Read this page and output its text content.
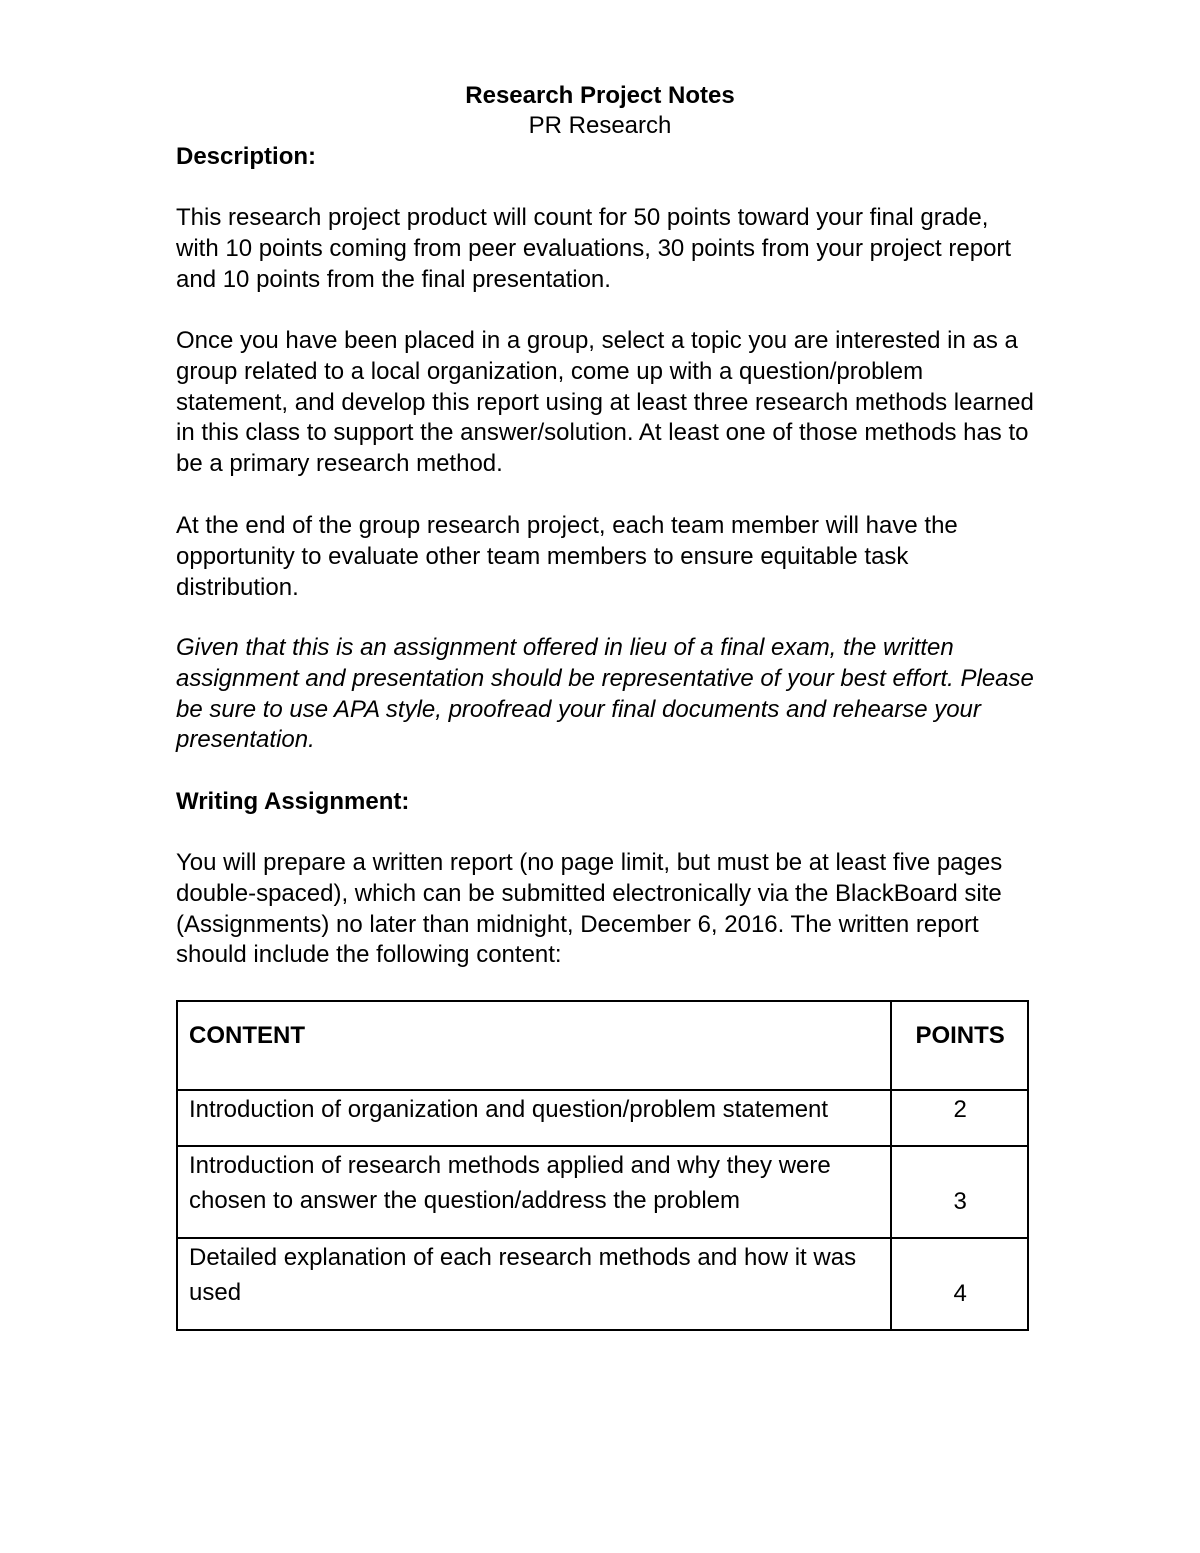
Research Project Notes
PR Research
Description:

This research project product will count for 50 points toward your final grade, with 10 points coming from peer evaluations, 30 points from your project report and 10 points from the final presentation.

Once you have been placed in a group, select a topic you are interested in as a group related to a local organization, come up with a question/problem statement, and develop this report using at least three research methods learned in this class to support the answer/solution. At least one of those methods has to be a primary research method.

At the end of the group research project, each team member will have the opportunity to evaluate other team members to ensure equitable task distribution.

Given that this is an assignment offered in lieu of a final exam, the written assignment and presentation should be representative of your best effort. Please be sure to use APA style, proofread your final documents and rehearse your presentation.

Writing Assignment:

You will prepare a written report (no page limit, but must be at least five pages double-spaced), which can be submitted electronically via the BlackBoard site (Assignments) no later than midnight, December 6, 2016. The written report should include the following content:

CONTENT	POINTS
Introduction of organization and question/problem statement	2
Introduction of research methods applied and why they were chosen to answer the question/address the problem	3
Detailed explanation of each research methods and how it was used	4
